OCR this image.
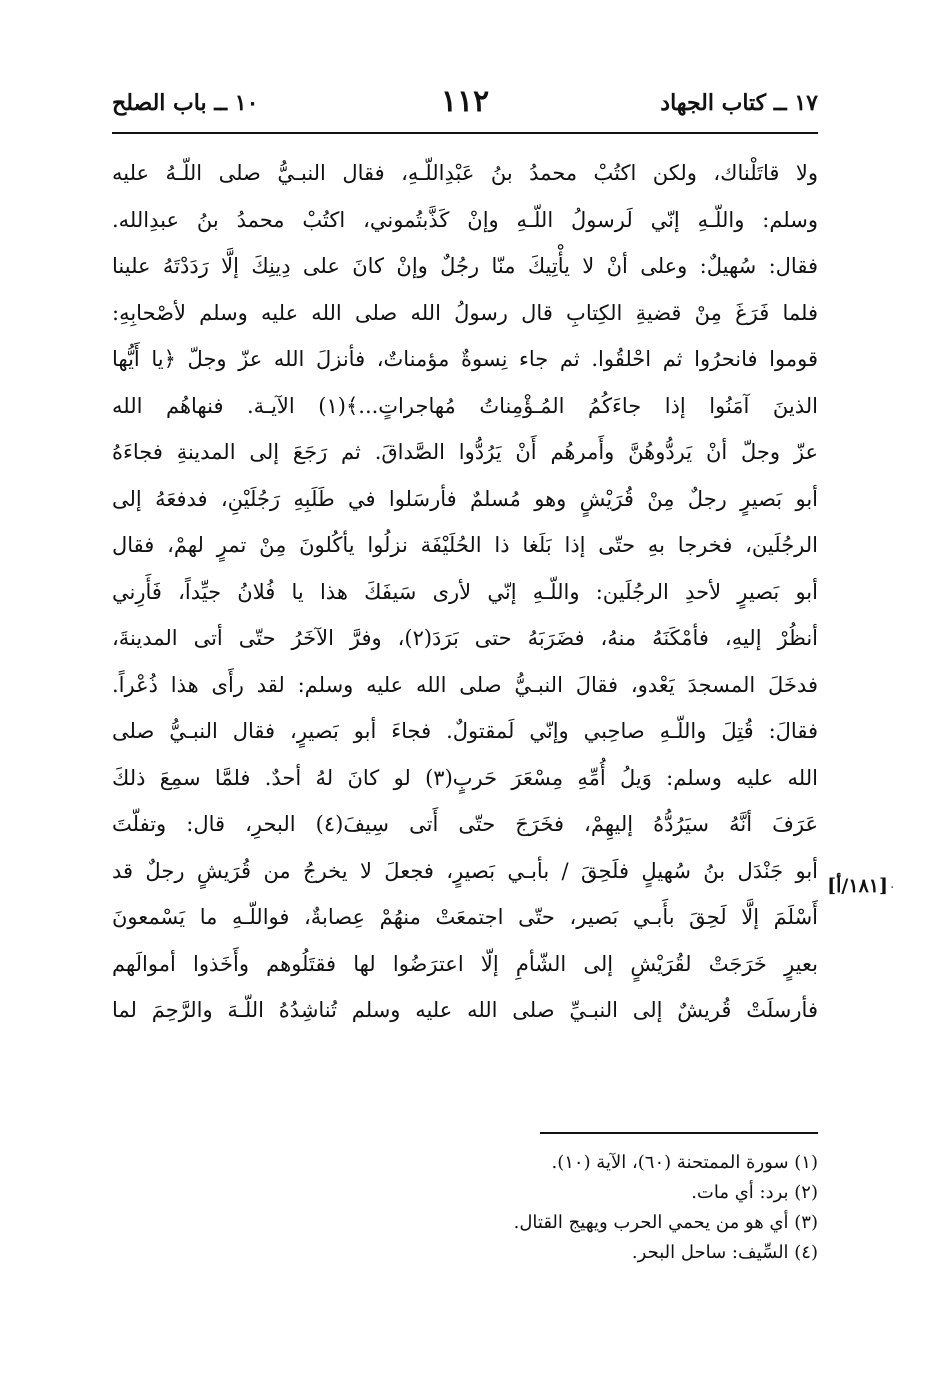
١٧ ــ كتاب الجهاد
١١٢
١٠ ــ باب الصلح
ولا قاتَلْناك، ولكن اكتُبْ محمدُ بنُ عَبْدِاللّـهِ، فقال النبـيُّ صلى اللّـهُ عليه
وسلم: واللّـهِ إنّي لَرسولُ اللّـهِ وإنْ كَذَّبتُموني، اكتُبْ محمدُ بنُ عبدِالله.
فقال: سُهيلٌ: وعلى أنْ لا يأْتِيكَ منّا رجُلٌ وإنْ كانَ على دِينِكَ إلَّا رَدَدْتَهُ علينا
فلما فَرَغَ مِنْ قضيةِ الكِتابِ قال رسولُ الله صلى الله عليه وسلم لأصْحابِهِ:
قوموا فانحرُوا ثم احْلقُوا. ثم جاء نِسوةٌ مؤمناتٌ، فأنزلَ الله عزّ وجلّ ﴿يا أَيُّها
الذينَ آمَنُوا إذا جاءَكُمُ المُـؤْمِناتُ مُهاجراتٍ...﴾(١) الآيـة. فنهاهُم الله
عزّ وجلّ أنْ يَردُّوهُنَّ وأَمرهُم أَنْ يَرُدُّوا الصَّداقَ. ثم رَجَعَ إلى المدينةِ فجاءَهُ
أبو بَصيرٍ رجلٌ مِنْ قُرَيْشٍ وهو مُسلمٌ فأرسَلوا في طَلَبِهِ رَجُلَيْنِ، فدفعَهُ إلى
الرجُلَين، فخرجا بهِ حتّى إذا بَلَغا ذا الحُلَيْفَة نزلُوا يأكُلونَ مِنْ تمرٍ لهمْ، فقال
أبو بَصيرٍ لأحدِ الرجُلَين: واللّـهِ إنّي لأرى سَيفَكَ هذا يا فُلانُ جيِّداً، فَأَرِني
أنظُرْ إليهِ، فأمْكَنَهُ منهُ، فضَرَبَهُ حتى بَرَدَ(٢)، وفرَّ الآخَرُ حتّى أتى المدينةَ،
فدخَلَ المسجدَ يَعْدو، فقالَ النبـيُّ صلى الله عليه وسلم: لقد رأَى هذا ذُعْراً.
فقالَ: قُتِلَ واللّـهِ صاحِبي وإنّي لَمقتولٌ. فجاءَ أبو بَصيرٍ، فقال النبـيُّ صلى
الله عليه وسلم: وَيلُ أُمِّهِ مِسْعَرَ حَربٍ(٣) لو كانَ لهُ أحدٌ. فلمَّا سمِعَ ذلكَ
عَرَفَ أنَّهُ سيَرُدُّهُ إليهِمْ، فخَرَجَ حتّى أَتى سِيفَ(٤) البحرِ، قال: وتفلّتَ
أبو جَنْدَل بنُ سُهيلٍ فلَحِقَ / بأبـي بَصيرٍ، فجعلَ لا يخرجُ من قُرَيشٍ رجلٌ قد
أَسْلَمَ إلَّا لَحِقَ بأَبـي بَصير، حتّى اجتمعَتْ منهُمْ عِصابةٌ، فواللّـهِ ما يَسْمعونَ
بعيرٍ خَرَجَتْ لقُرَيْشٍ إلى الشّأمِ إلّا اعترَضُوا لها فقتَلُوهم وأَخَذوا أموالَهم
فأرسلَتْ قُريشٌ إلى النبـيِّ صلى الله عليه وسلم تُناشِدُهُ اللّـهَ والرَّحِمَ لما
[١٨١/أ] ·
(١) سورة الممتحنة (٦٠)، الآية (١٠).
(٢) برد: أي مات.
(٣) أي هو من يحمي الحرب ويهيج القتال.
(٤) السِّيف: ساحل البحر.
